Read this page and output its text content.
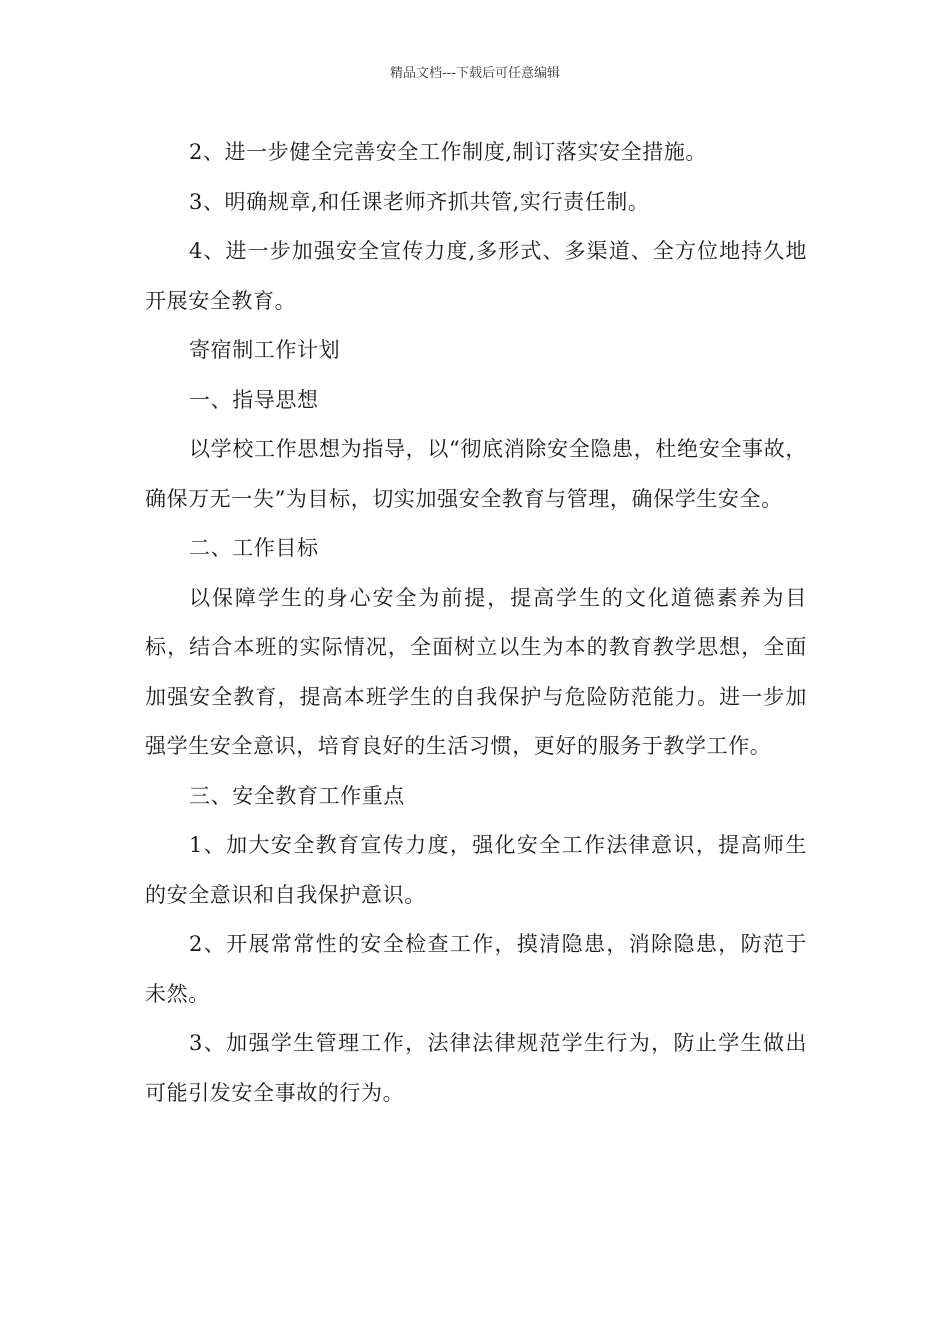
精品文档---下载后可任意编辑

2、进一步健全完善安全工作制度,制订落实安全措施。

3、明确规章,和任课老师齐抓共管,实行责任制。

4、进一步加强安全宣传力度,多形式、多渠道、全方位地持久地开展安全教育。

寄宿制工作计划

一、指导思想

以学校工作思想为指导，以“彻底消除安全隐患，杜绝安全事故，确保万无一失”为目标，切实加强安全教育与管理，确保学生安全。

二、工作目标

以保障学生的身心安全为前提，提高学生的文化道德素养为目标，结合本班的实际情况，全面树立以生为本的教育教学思想，全面加强安全教育，提高本班学生的自我保护与危险防范能力。进一步加强学生安全意识，培育良好的生活习惯，更好的服务于教学工作。

三、安全教育工作重点

1、加大安全教育宣传力度，强化安全工作法律意识，提高师生的安全意识和自我保护意识。

2、开展常常性的安全检查工作，摸清隐患，消除隐患，防范于未然。

3、加强学生管理工作，法律法律规范学生行为，防止学生做出可能引发安全事故的行为。
